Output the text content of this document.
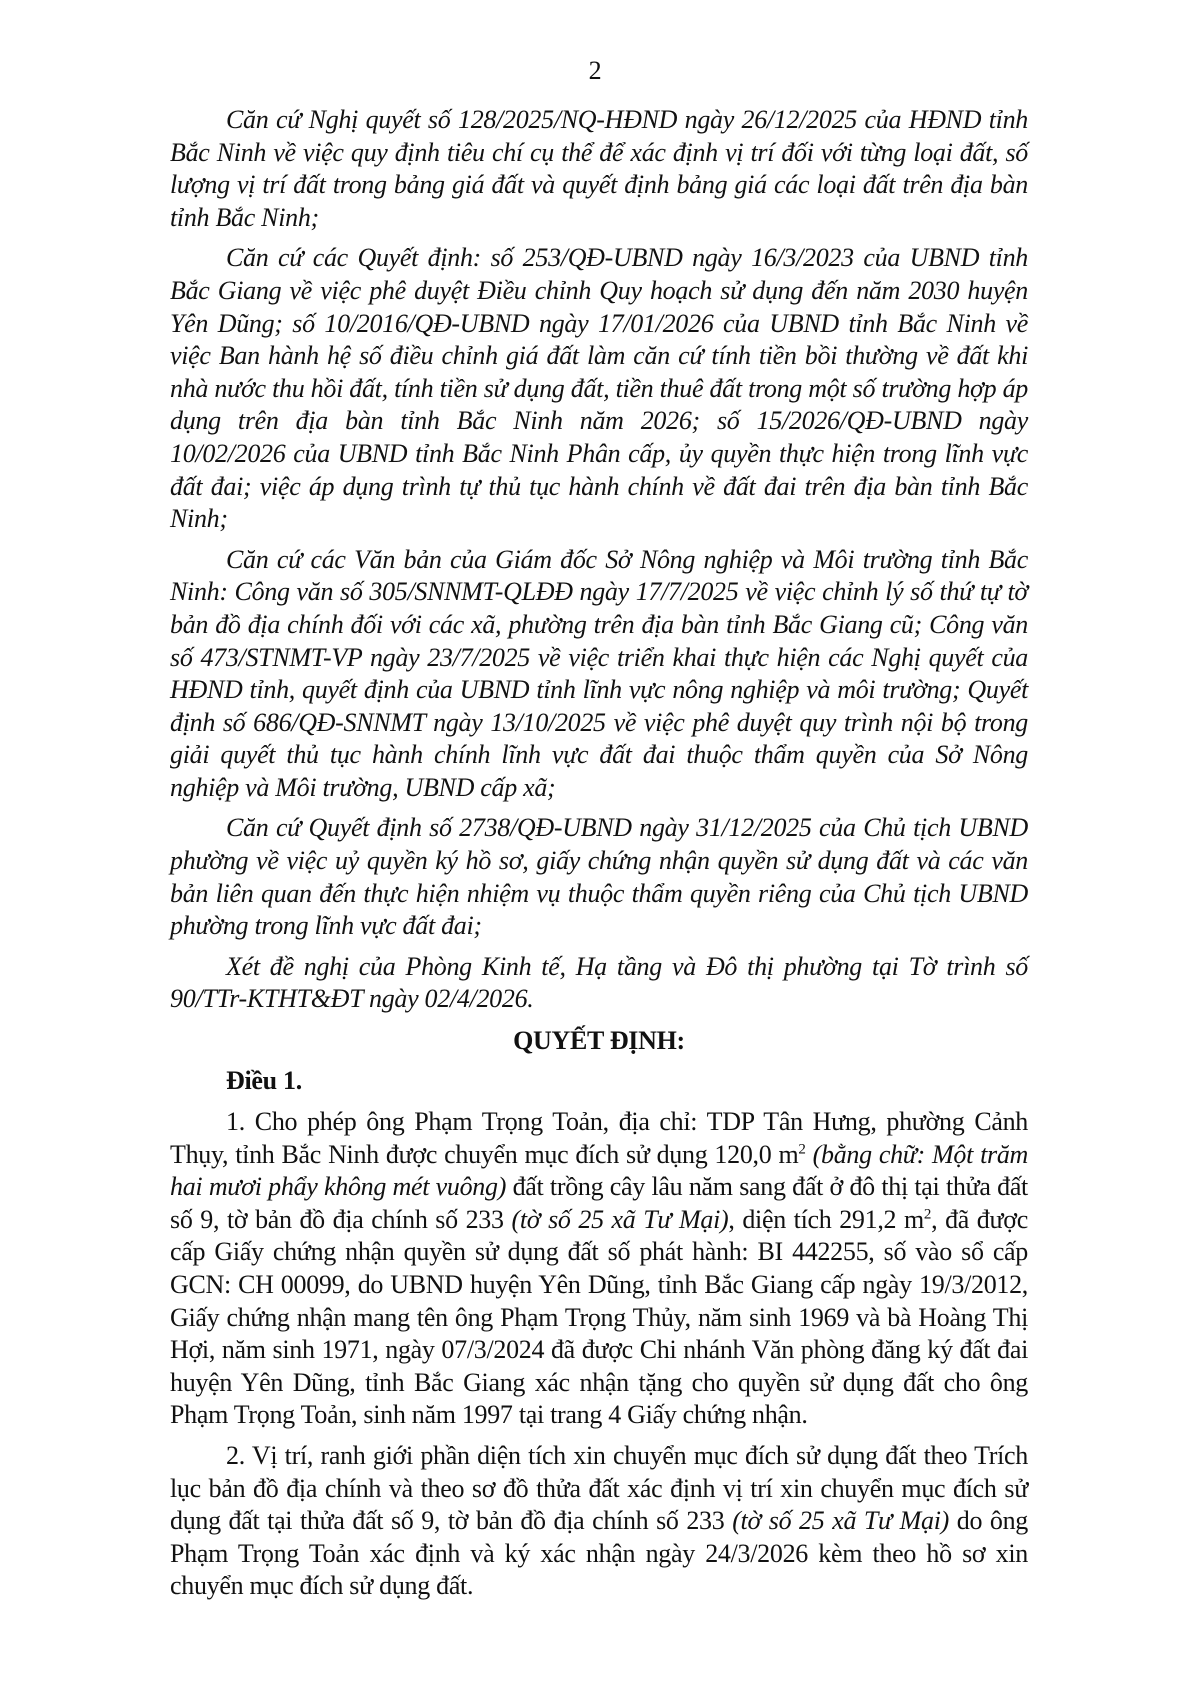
2

Căn cứ Nghị quyết số 128/2025/NQ-HĐND ngày 26/12/2025 của HĐND tỉnh Bắc Ninh về việc quy định tiêu chí cụ thể để xác định vị trí đối với từng loại đất, số lượng vị trí đất trong bảng giá đất và quyết định bảng giá các loại đất trên địa bàn tỉnh Bắc Ninh;

Căn cứ các Quyết định: số 253/QĐ-UBND ngày 16/3/2023 của UBND tỉnh Bắc Giang về việc phê duyệt Điều chỉnh Quy hoạch sử dụng đến năm 2030 huyện Yên Dũng; số 10/2016/QĐ-UBND ngày 17/01/2026 của UBND tỉnh Bắc Ninh về việc Ban hành hệ số điều chỉnh giá đất làm căn cứ tính tiền bồi thường về đất khi nhà nước thu hồi đất, tính tiền sử dụng đất, tiền thuê đất trong một số trường hợp áp dụng trên địa bàn tỉnh Bắc Ninh năm 2026; số 15/2026/QĐ-UBND ngày 10/02/2026 của UBND tỉnh Bắc Ninh Phân cấp, ủy quyền thực hiện trong lĩnh vực đất đai; việc áp dụng trình tự thủ tục hành chính về đất đai trên địa bàn tỉnh Bắc Ninh;

Căn cứ các Văn bản của Giám đốc Sở Nông nghiệp và Môi trường tỉnh Bắc Ninh: Công văn số 305/SNNMT-QLĐĐ ngày 17/7/2025 về việc chỉnh lý số thứ tự tờ bản đồ địa chính đối với các xã, phường trên địa bàn tỉnh Bắc Giang cũ; Công văn số 473/STNMT-VP ngày 23/7/2025 về việc triển khai thực hiện các Nghị quyết của HĐND tỉnh, quyết định của UBND tỉnh lĩnh vực nông nghiệp và môi trường; Quyết định số 686/QĐ-SNNMT ngày 13/10/2025 về việc phê duyệt quy trình nội bộ trong giải quyết thủ tục hành chính lĩnh vực đất đai thuộc thẩm quyền của Sở Nông nghiệp và Môi trường, UBND cấp xã;

Căn cứ Quyết định số 2738/QĐ-UBND ngày 31/12/2025 của Chủ tịch UBND phường về việc uỷ quyền ký hồ sơ, giấy chứng nhận quyền sử dụng đất và các văn bản liên quan đến thực hiện nhiệm vụ thuộc thẩm quyền riêng của Chủ tịch UBND phường trong lĩnh vực đất đai;

Xét đề nghị của Phòng Kinh tế, Hạ tầng và Đô thị phường tại Tờ trình số 90/TTr-KTHT&ĐT ngày 02/4/2026.

QUYẾT ĐỊNH:
Điều 1.

1. Cho phép ông Phạm Trọng Toản, địa chỉ: TDP Tân Hưng, phường Cảnh Thụy, tỉnh Bắc Ninh được chuyển mục đích sử dụng 120,0 $m^2$ (bằng chữ: Một trăm hai mươi phẩy không mét vuông) đất trồng cây lâu năm sang đất ở đô thị tại thửa đất số 9, tờ bản đồ địa chính số 233 (tờ số 25 xã Tư Mại), diện tích 291,2 $m^2$, đã được cấp Giấy chứng nhận quyền sử dụng đất số phát hành: BI 442255, số vào sổ cấp GCN: CH 00099, do UBND huyện Yên Dũng, tỉnh Bắc Giang cấp ngày 19/3/2012, Giấy chứng nhận mang tên ông Phạm Trọng Thủy, năm sinh 1969 và bà Hoàng Thị Hợi, năm sinh 1971, ngày 07/3/2024 đã được Chi nhánh Văn phòng đăng ký đất đai huyện Yên Dũng, tỉnh Bắc Giang xác nhận tặng cho quyền sử dụng đất cho ông Phạm Trọng Toản, sinh năm 1997 tại trang 4 Giấy chứng nhận.

2. Vị trí, ranh giới phần diện tích xin chuyển mục đích sử dụng đất theo Trích lục bản đồ địa chính và theo sơ đồ thửa đất xác định vị trí xin chuyển mục đích sử dụng đất tại thửa đất số 9, tờ bản đồ địa chính số 233 (tờ số 25 xã Tư Mại) do ông Phạm Trọng Toản xác định và ký xác nhận ngày 24/3/2026 kèm theo hồ sơ xin chuyển mục đích sử dụng đất.
